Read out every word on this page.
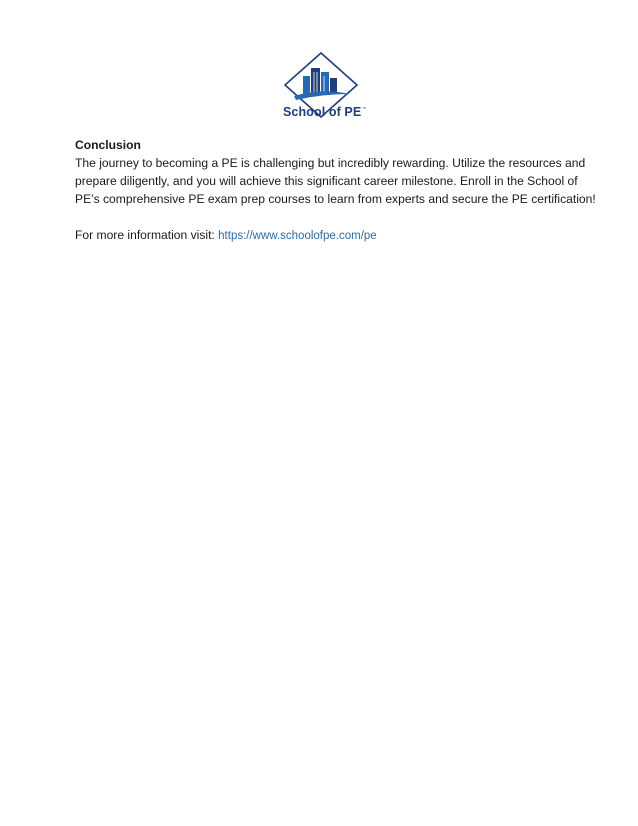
School of PE™

Conclusion

The journey to becoming a PE is challenging but incredibly rewarding. Utilize the resources and
prepare diligently, and you will achieve this significant career milestone. Enroll in the School of
PE’s comprehensive PE exam prep courses to learn from experts and secure the PE certification!

For more information visit: https://www.schoolofpe.com/pe
